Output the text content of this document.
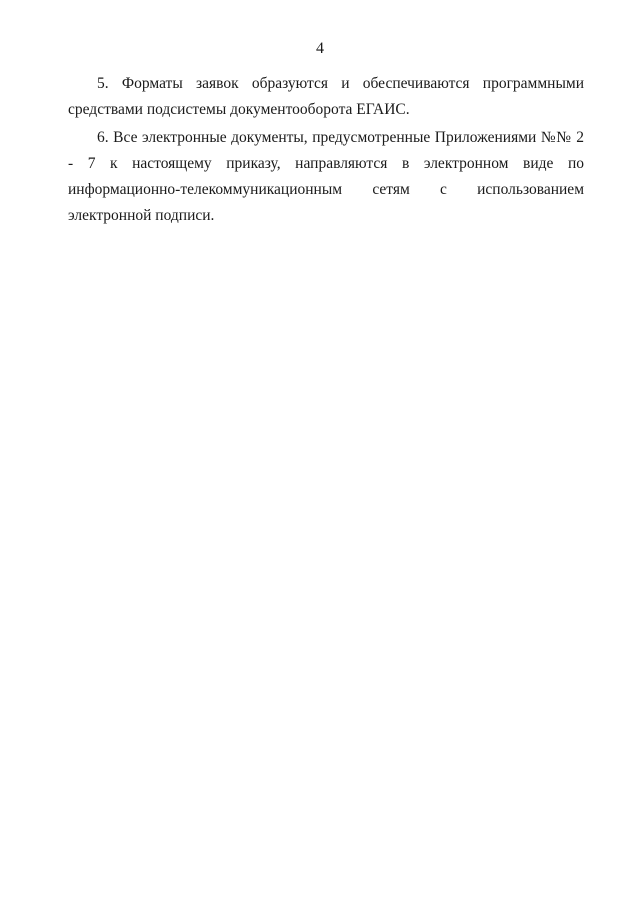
4

5. Форматы заявок образуются и обеспечиваются программными средствами подсистемы документооборота ЕГАИС.

6. Все электронные документы, предусмотренные Приложениями №№ 2 - 7 к настоящему приказу, направляются в электронном виде по информационно-телекоммуникационным сетям с использованием электронной подписи.
